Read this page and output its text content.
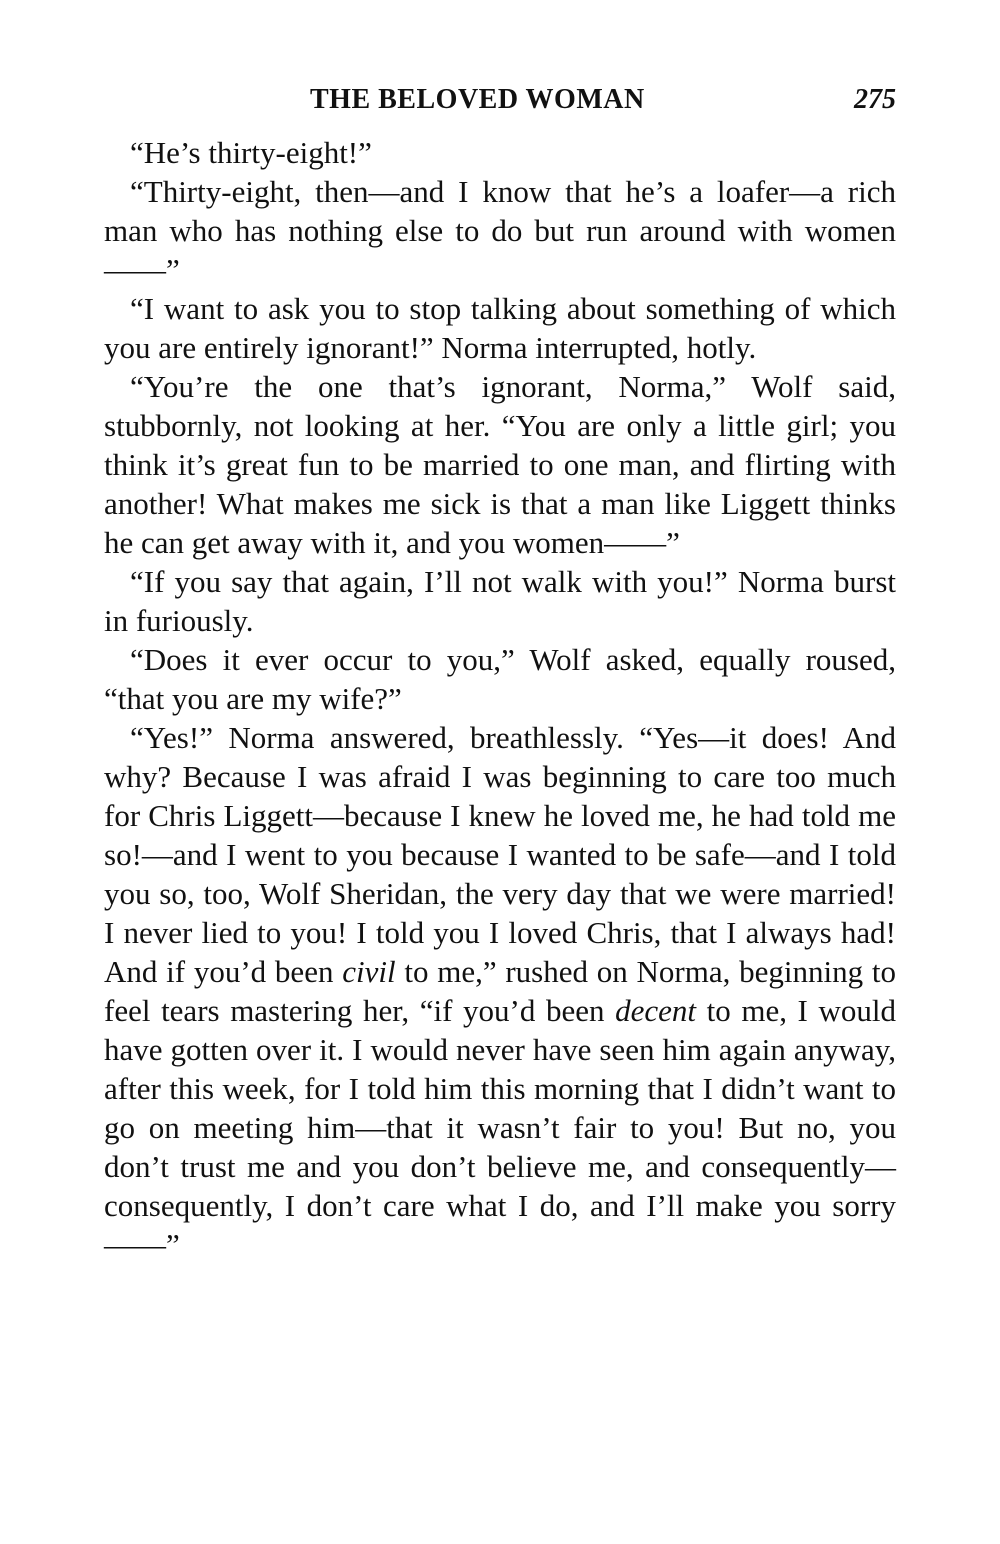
THE BELOVED WOMAN	275

“He’s thirty-eight!”

“Thirty-eight, then—and I know that he’s a loafer—a rich man who has nothing else to do but run around with women——”

“I want to ask you to stop talking about something of which you are entirely ignorant!” Norma interrupted, hotly.

“You’re the one that’s ignorant, Norma,” Wolf said, stubbornly, not looking at her. “You are only a little girl; you think it’s great fun to be married to one man, and flirting with another! What makes me sick is that a man like Liggett thinks he can get away with it, and you women——”

“If you say that again, I’ll not walk with you!” Norma burst in furiously.

“Does it ever occur to you,” Wolf asked, equally roused, “that you are my wife?”

“Yes!” Norma answered, breathlessly. “Yes—it does! And why? Because I was afraid I was beginning to care too much for Chris Liggett—because I knew he loved me, he had told me so!—and I went to you because I wanted to be safe—and I told you so, too, Wolf Sheridan, the very day that we were married! I never lied to you! I told you I loved Chris, that I always had! And if you’d been civil to me,” rushed on Norma, beginning to feel tears mastering her, “if you’d been decent to me, I would have gotten over it. I would never have seen him again anyway, after this week, for I told him this morning that I didn’t want to go on meeting him—that it wasn’t fair to you! But no, you don’t trust me and you don’t believe me, and consequently—consequently, I don’t care what I do, and I’ll make you sorry——”
